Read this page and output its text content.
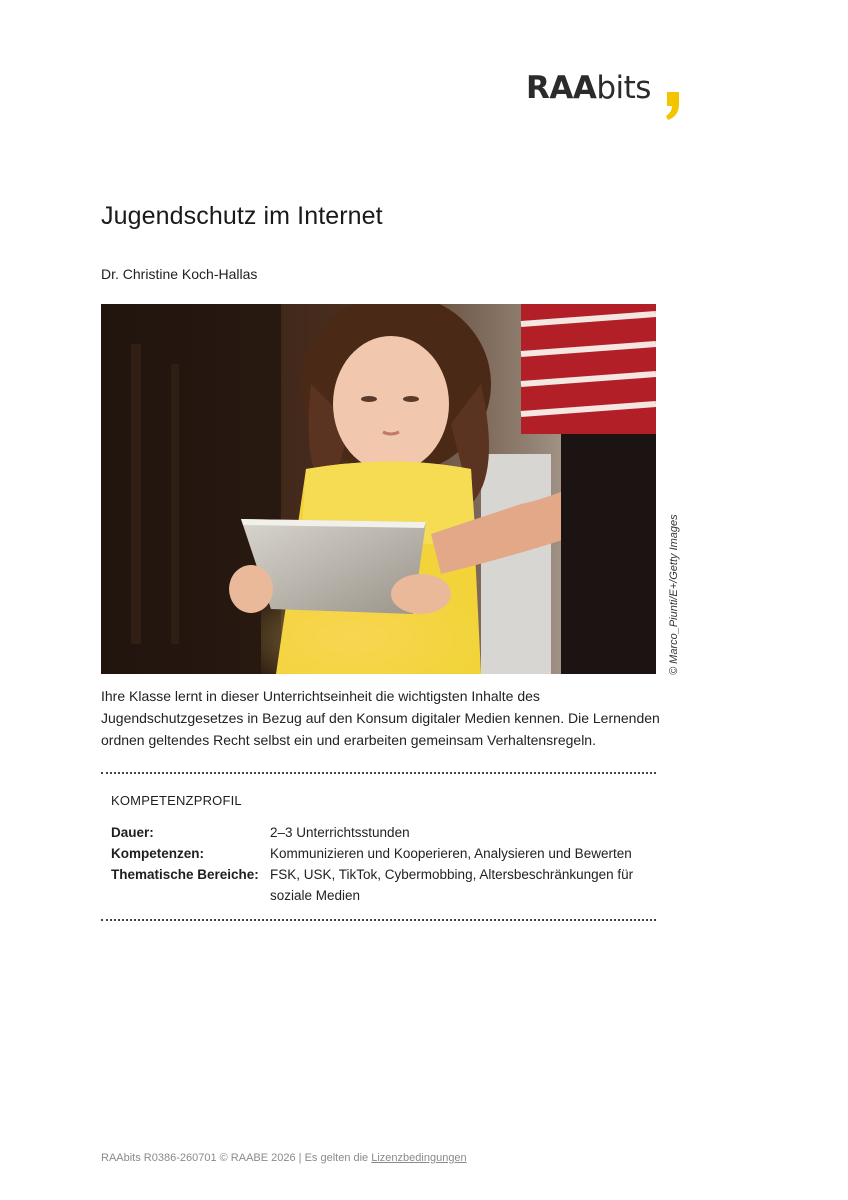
RAAbits
Jugendschutz im Internet
Dr. Christine Koch-Hallas
© Marco_Piunti/E+/Getty Images

Ihre Klasse lernt in dieser Unterrichtseinheit die wichtigsten Inhalte des Jugendschutzgesetzes in Bezug auf den Konsum digitaler Medien kennen. Die Lernenden ordnen geltendes Recht selbst ein und erarbeiten gemeinsam Verhaltensregeln.

KOMPETENZPROFIL
Dauer:	2–3 Unterrichtsstunden
Kompetenzen:	Kommunizieren und Kooperieren, Analysieren und Bewerten
Thematische Bereiche: FSK, USK, TikTok, Cybermobbing, Altersbeschränkungen für soziale Medien
RAAbits R0386-260701 © RAABE 2026 | Es gelten die Lizenzbedingungen
